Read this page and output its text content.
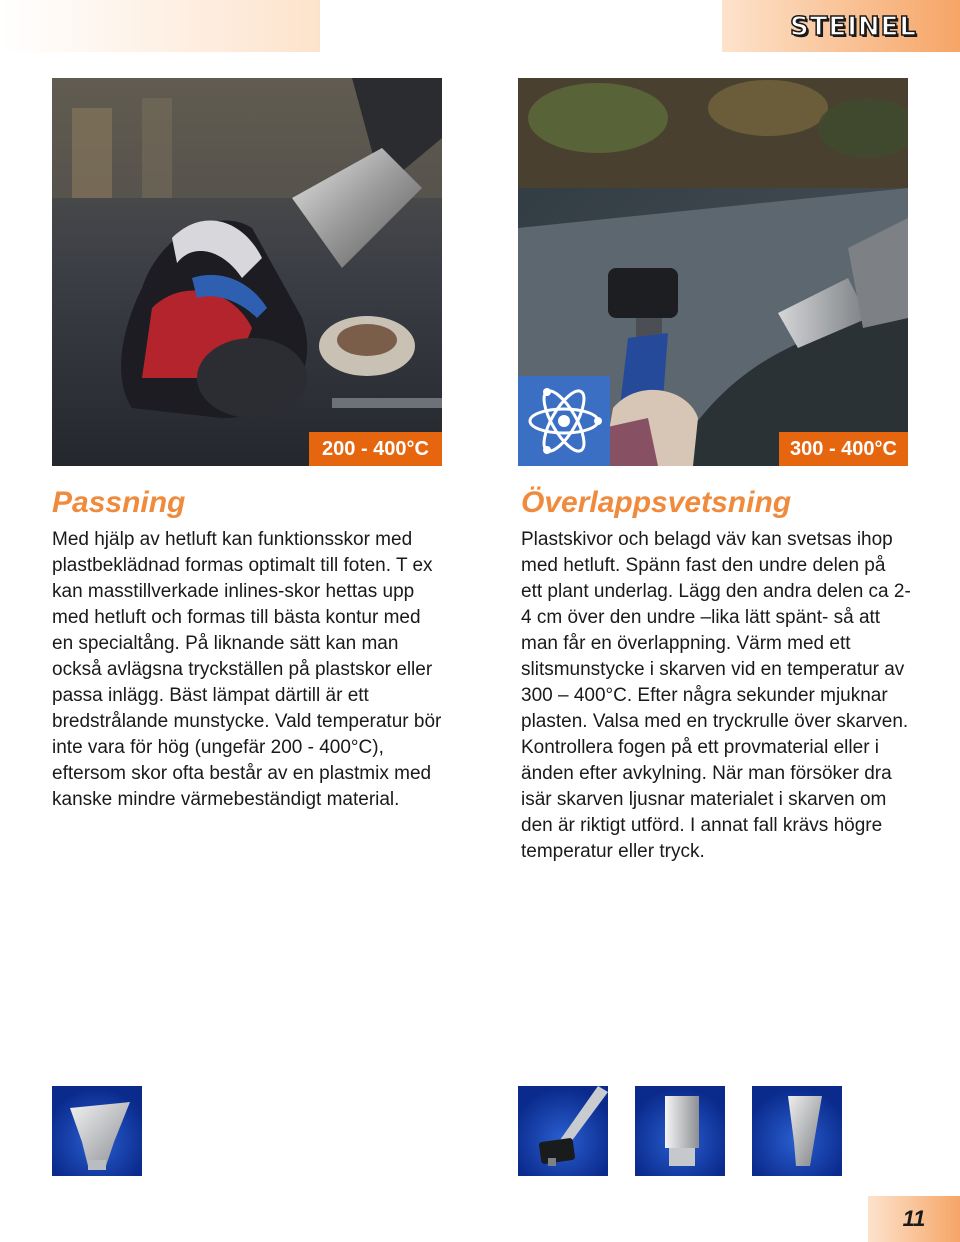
STEINEL
200 - 400°C	300 - 400°C
Passning

Med hjälp av hetluft kan funktionsskor med plastbeklädnad formas optimalt till foten. T ex kan masstillverkade inlines-skor hettas upp med hetluft och formas till bästa kontur med en specialtång. På liknande sätt kan man också avlägsna tryckställen på plastskor eller passa inlägg. Bäst lämpat därtill är ett bredstrålande munstycke. Vald temperatur bör inte vara för hög (ungefär 200 - 400°C), eftersom skor ofta består av en plastmix med kanske mindre värmebeständigt material.

Överlappsvetsning

Plastskivor och belagd väv kan svetsas ihop med hetluft. Spänn fast den undre delen på ett plant underlag. Lägg den andra delen ca 2-4 cm över den undre –lika lätt spänt- så att man får en överlappning. Värm med ett slitsmunstycke i skarven vid en temperatur av 300 – 400°C. Efter några sekunder mjuknar plasten. Valsa med en tryckrulle över skarven. Kontrollera fogen på ett provmaterial eller i änden efter avkylning. När man försöker dra isär skarven ljusnar materialet i skarven om den är riktigt utförd. I annat fall krävs högre temperatur eller tryck.

11
